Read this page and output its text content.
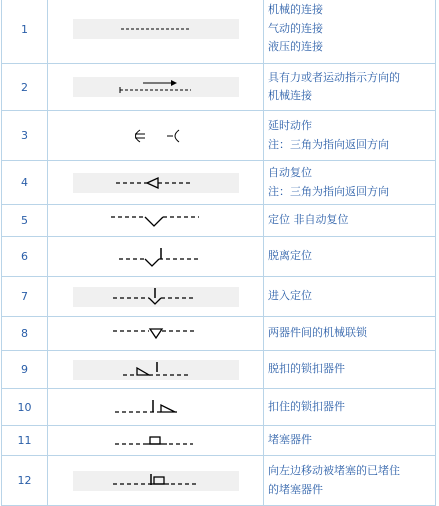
1		机械的连接
气动的连接
液压的连接

2		具有力或者运动指示方向的
机械连接

3		延时动作
注：三角为指向返回方向

4		自动复位
注：三角为指向返回方向

5		定位 非自动复位

6		脱离定位

7		进入定位

8		两器件间的机械联锁

9		脱扣的锁扣器件

10		扣住的锁扣器件

11		堵塞器件

12		向左边移动被堵塞的已堵住
的堵塞器件
